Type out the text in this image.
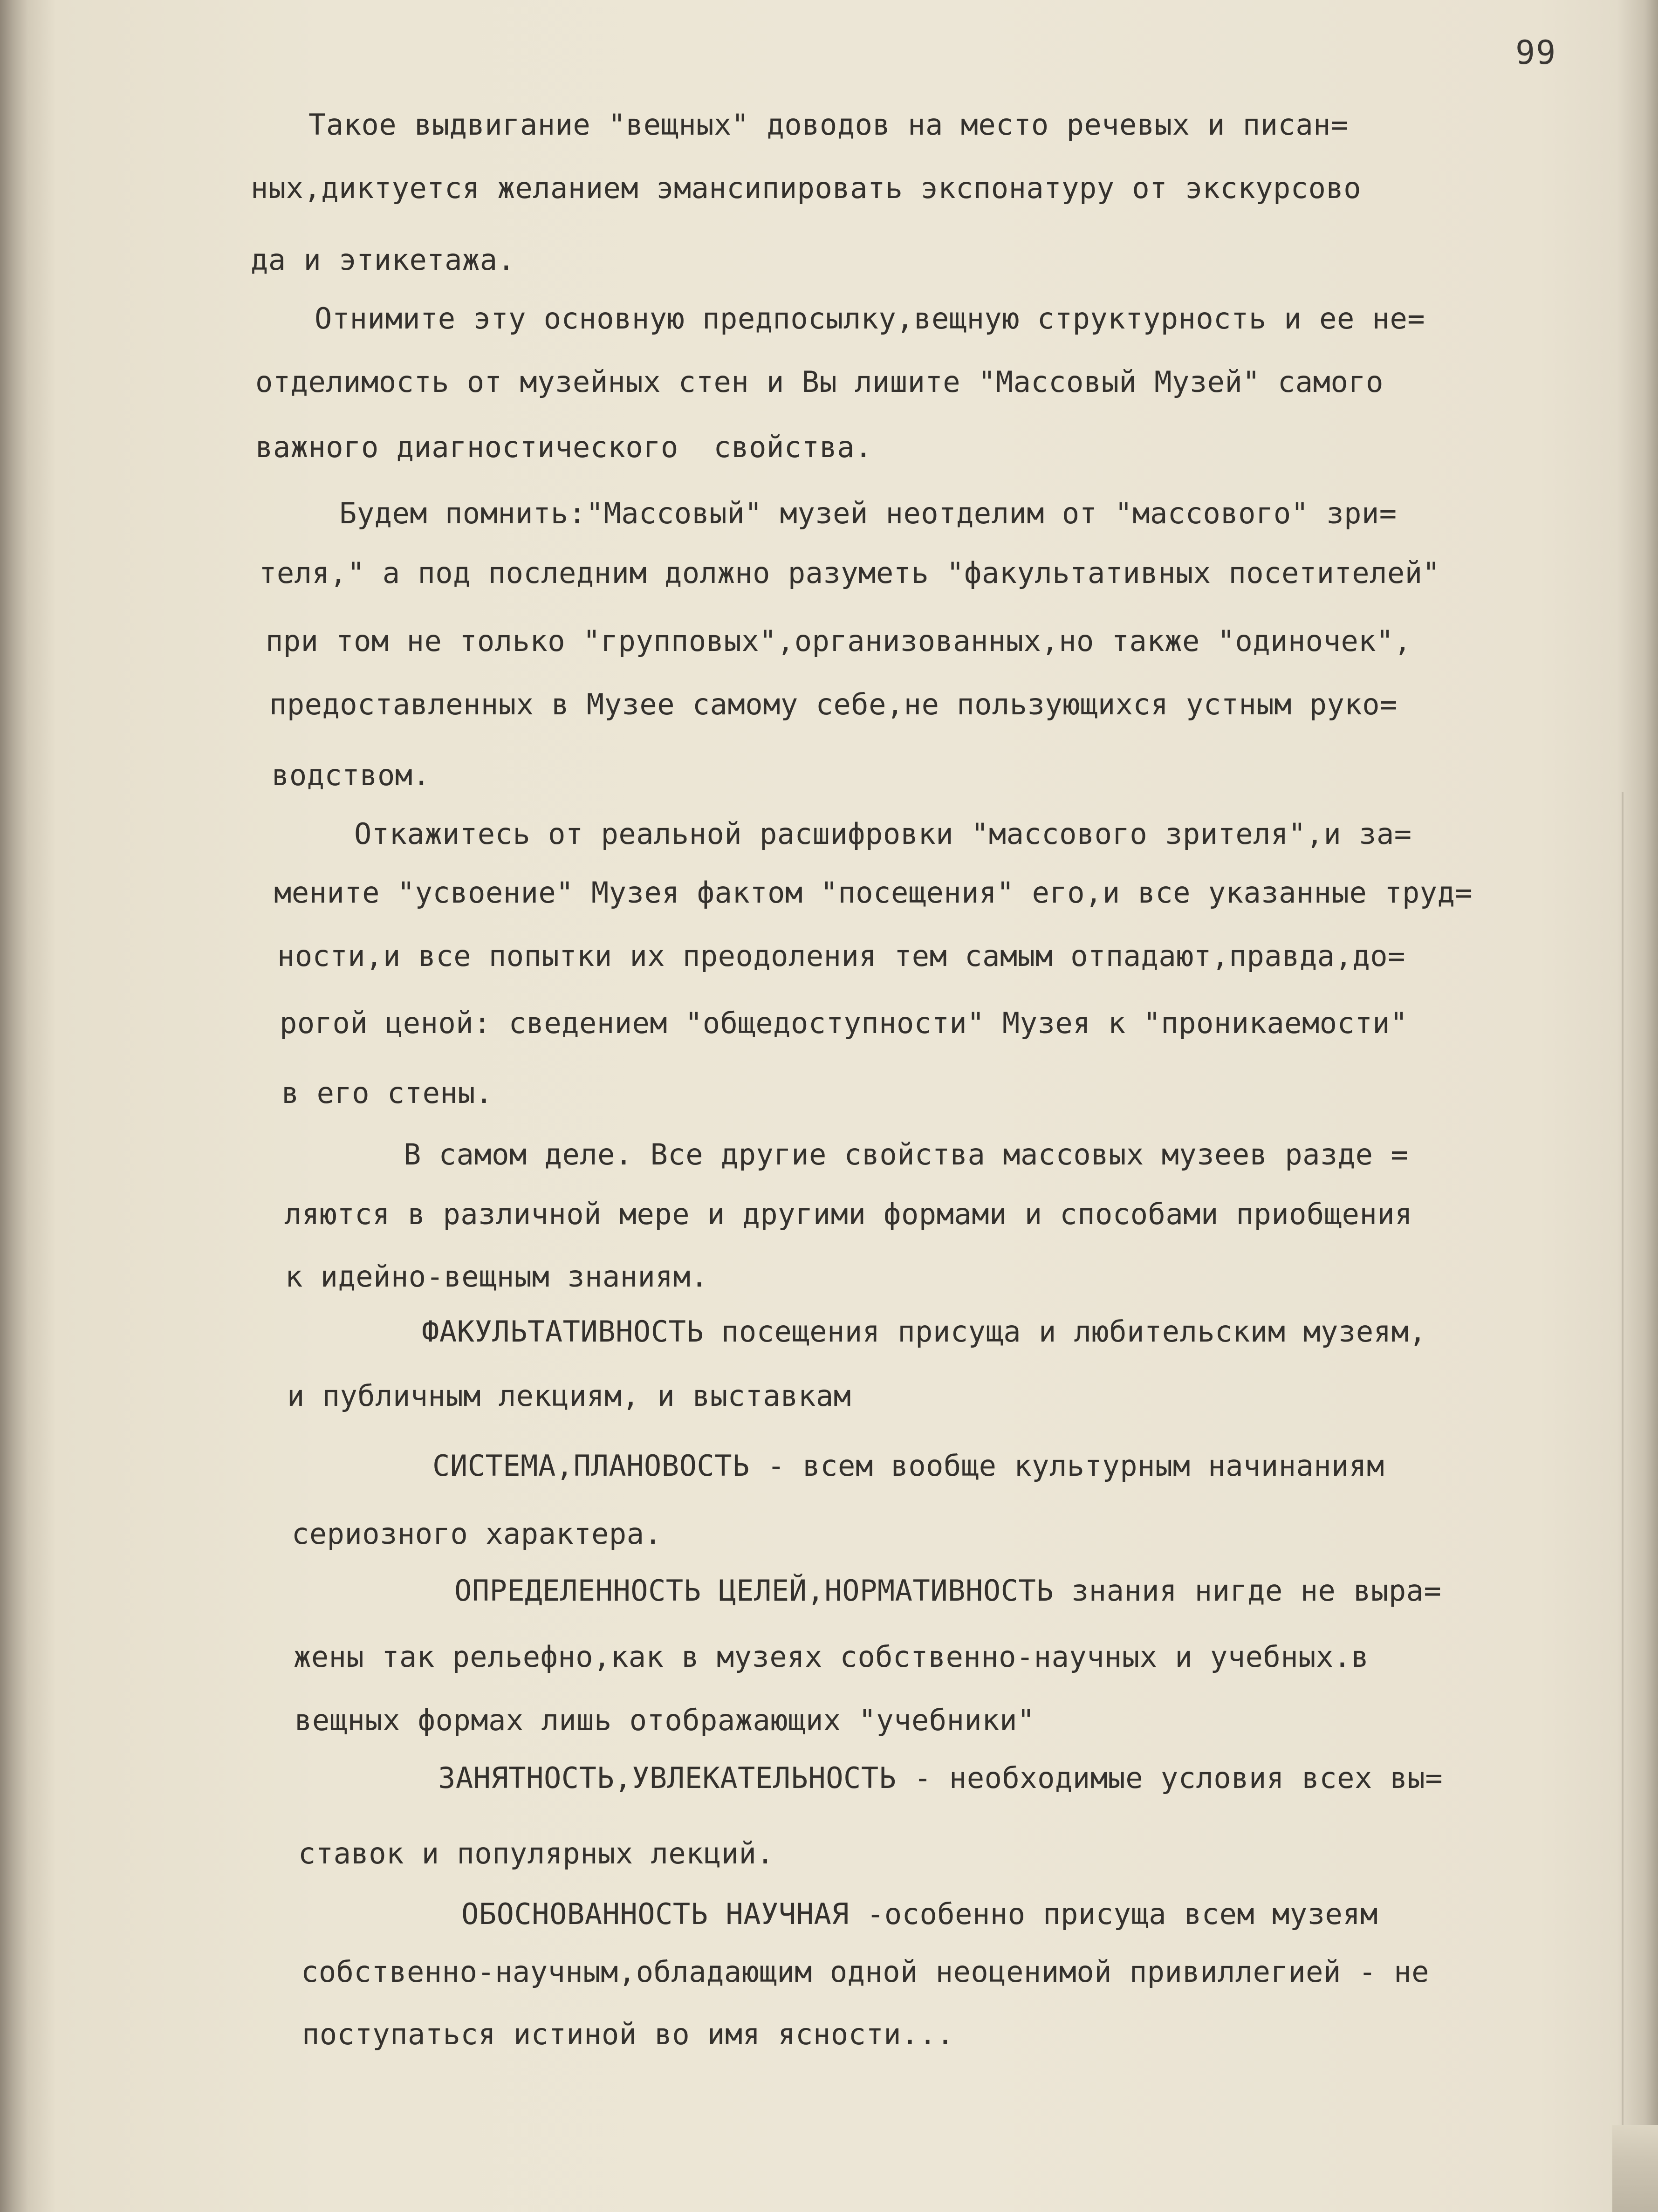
99
Такое выдвигание "вещных" доводов на место речевых и писан=
ных,диктуется желанием эмансипировать экспонатуру от экскурсово
да и этикетажа.
Отнимите эту основную предпосылку,вещную структурность и ее не=
отделимость от музейных стен и Вы лишите "Массовый Музей" самого
важного диагностического  свойства.
Будем помнить:"Массовый" музей неотделим от "массового" зри=
теля," а под последним должно разуметь "факультативных посетителей"
при том не только "групповых",организованных,но также "одиночек",
предоставленных в Музее самому себе,не пользующихся устным руко=
водством.
Откажитесь от реальной расшифровки "массового зрителя",и за=
мените "усвоение" Музея фактом "посещения" его,и все указанные труд=
ности,и все попытки их преодоления тем самым отпадают,правда,до=
рогой ценой: сведением "общедоступности" Музея к "проникаемости"
в его стены.
В самом деле. Все другие свойства массовых музеев разде =
ляются в различной мере и другими формами и способами приобщения
к идейно-вещным знаниям.
ФАКУЛЬТАТИВНОСТЬ посещения присуща и любительским музеям,
и публичным лекциям, и выставкам
СИСТЕМА,ПЛАНОВОСТЬ - всем вообще культурным начинаниям
сериозного характера.
ОПРЕДЕЛЕННОСТЬ ЦЕЛЕЙ,НОРМАТИВНОСТЬ знания нигде не выра=
жены так рельефно,как в музеях собственно-научных и учебных.в
вещных формах лишь отображающих "учебники"
ЗАНЯТНОСТЬ,УВЛЕКАТЕЛЬНОСТЬ - необходимые условия всех вы=
ставок и популярных лекций.
ОБОСНОВАННОСТЬ НАУЧНАЯ -особенно присуща всем музеям
собственно-научным,обладающим одной неоценимой привиллегией - не
поступаться истиной во имя ясности...
